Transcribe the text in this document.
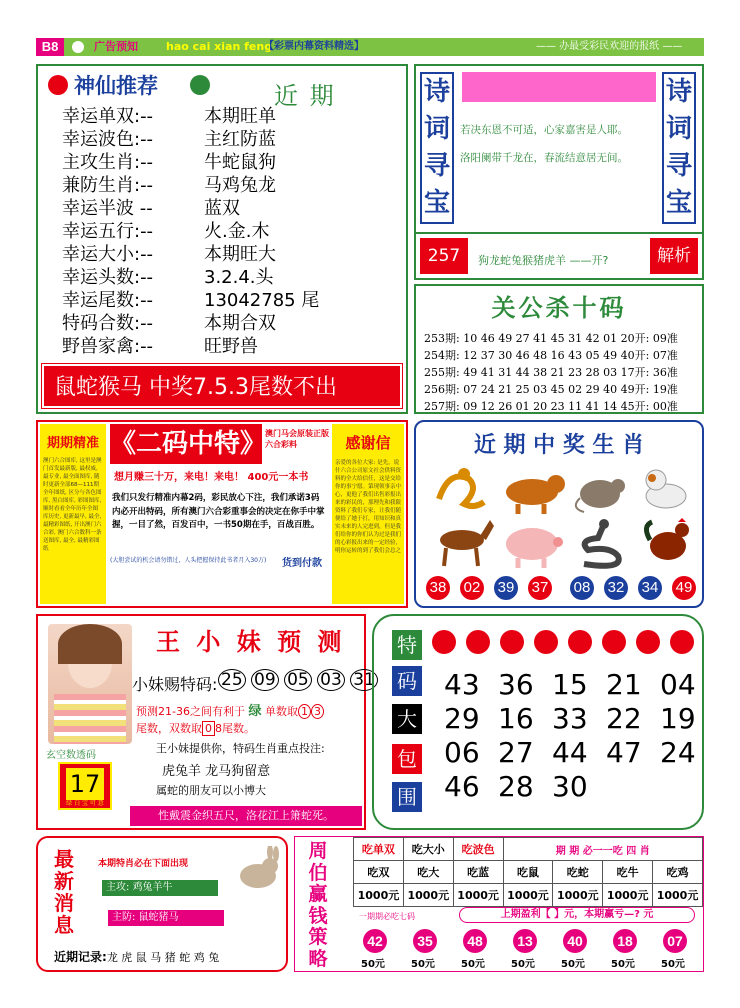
B8	广告预知	hao cai xian feng
【彩票内幕资料精选】	—— 办最受彩民欢迎的报纸 ——
神仙推荐	近 期
幸运单双:--	本期旺单
幸运波色:--	主红防蓝
主攻生肖:--	牛蛇鼠狗
兼防生肖:--	马鸡兔龙
幸运半波 --	蓝双
幸运五行:--	火.金.木
幸运大小:--	本期旺大
幸运头数:--	3.2.4.头
幸运尾数:--	13042785 尾
特码合数:--	本期合双
野兽家禽:--	旺野兽
鼠蛇猴马 中奖7.5.3尾数不出
诗
词
寻
宝
诗
词
寻
宝
若决东恩不可适，心家嘉害是人耶。
洛阳阑带千龙在，春流结意居无间。
257期
狗龙蛇兔猴猪虎羊 ——开?	解析
关公杀十码
253期: 10 46 49 27 41 45 31 42 01 20开: 09准
254期: 12 37 30 46 48 16 43 05 49 40开: 07准
255期: 49 41 31 44 38 21 23 28 03 17开: 36准
256期: 07 24 21 25 03 45 02 29 40 49开: 19准
257期: 09 12 26 01 20 23 11 41 14 45开: 00准
期期精准
澳门六合图库, 这里是澳门首发最新版, 最权威, 最专业, 最全面图库, 随时更新全部68—111期全年图纸, 区分与各色图库, 黑白图库, 彩图图库, 顺时看看全年历年全图库历史, 更新最早, 最全, 最精彩图纸, 开出澳门六合彩, 澳门六合数科一条送图库, 最全, 最精彩图纸
《二码中特》
澳门马会原装正版六合彩料
想月赚三十万，来电！来电！ 400元一本书
我们只发行精准内幕2码，彩民放心下注，我们承诺3码内必开出特码，所有澳门六合彩重事会的决定在你手中掌握，一目了然，百发百中，一书50期在手，百战百胜。
(大胆尝试的机会请勿错过，人头把握保持此书者月入30万)	货到付款
感谢信
亲爱的各位大家: 是先，说什六合公司原文社会供料资料的全大给信任，这是交给你的事宁愿。第现领事亲中心，更他了我们出售彩报出来的彩民的，那理先和我限资料了我们专家，让我们随便给了她于打，用知识和真实未来的人完进到，但是我们给你的你们认为过是我们的心彩报出来的一定经验，明你运转的到了我们会总之
近 期 中 奖 生 肖
38 02 39 37 08 32 34 49
王 小 妹 预 测
小妹赐特码: 25 09 05 03 31
预测21-36之间有利于 绿 单数取 1 3
尾数，双数取 0 8尾数。
玄空数透码
17
绿 白 宝 可 意
王小妹提供你，特码生肖重点投注:
虎兔羊 龙马狗留意
属蛇的朋友可以小博大
性戴震金织五尺，洛花江上箫蛇死。
特
码
大
包
围
43 36 15 21 04
29 16 33 22 19
06 27 44 47 24
46 28 30
最
新
消
息
本期特肖必在下面出现
主攻: 鸡兔羊牛
主防: 鼠蛇猪马
近期记录:龙 虎 鼠 马 猪 蛇 鸡 兔
周
伯
赢
钱
策
略
吃单双	吃大小	吃波色	期 期 必一一吃 四 肖			
吃双	吃大	吃蓝	吃鼠	吃蛇	吃牛	吃鸡
1000元	1000元	1000元	1000元	1000元	1000元	1000元
一期期必吃七码	上期盈利【 】元，本期赢亏—? 元
42	35	48	13	40	18	07
50元	50元	50元	50元	50元	50元	50元
